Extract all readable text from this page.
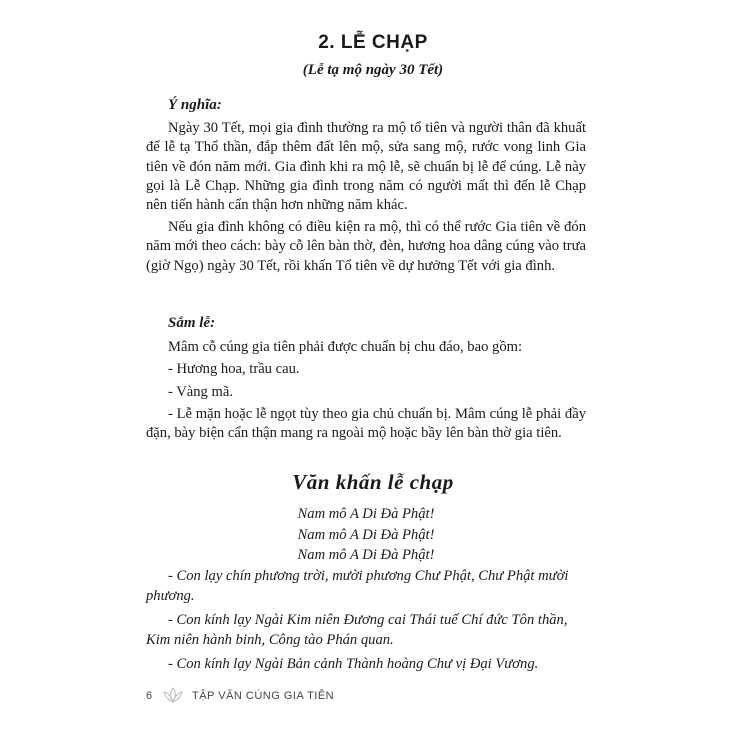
2. LỄ CHẠP
(Lễ tạ mộ ngày 30 Tết)

Ý nghĩa:

Ngày 30 Tết, mọi gia đình thường ra mộ tổ tiên và người thân đã khuất để lễ tạ Thổ thần, đắp thêm đất lên mộ, sửa sang mộ, rước vong linh Gia tiên về đón năm mới. Gia đình khi ra mộ lễ, sẽ chuẩn bị lễ để cúng. Lễ này gọi là Lễ Chạp. Những gia đình trong năm có người mất thì đến lễ Chạp nên tiến hành cẩn thận hơn những năm khác.

Nếu gia đình không có điều kiện ra mộ, thì có thể rước Gia tiên về đón năm mới theo cách: bày cỗ lên bàn thờ, đèn, hương hoa dâng cúng vào trưa (giờ Ngọ) ngày 30 Tết, rồi khấn Tổ tiên về dự hưởng Tết với gia đình.

Sắm lễ:

Mâm cỗ cúng gia tiên phải được chuẩn bị chu đáo, bao gồm:

- Hương hoa, trầu cau.

- Vàng mã.

- Lễ mặn hoặc lễ ngọt tùy theo gia chủ chuẩn bị. Mâm cúng lễ phải đầy đặn, bày biện cẩn thận mang ra ngoài mộ hoặc bầy lên bàn thờ gia tiên.

Văn khấn lễ chạp

Nam mô A Di Đà Phật!

Nam mô A Di Đà Phật!

Nam mô A Di Đà Phật!

- Con lạy chín phương trời, mười phương Chư Phật, Chư Phật mười phương.

- Con kính lạy Ngài Kim niên Đương cai Thái tuế Chí đức Tôn thần, Kim niên hành binh, Công tào Phán quan.

- Con kính lạy Ngài Bản cảnh Thành hoàng Chư vị Đại Vương.

6	TẬP VĂN CÚNG GIA TIÊN
